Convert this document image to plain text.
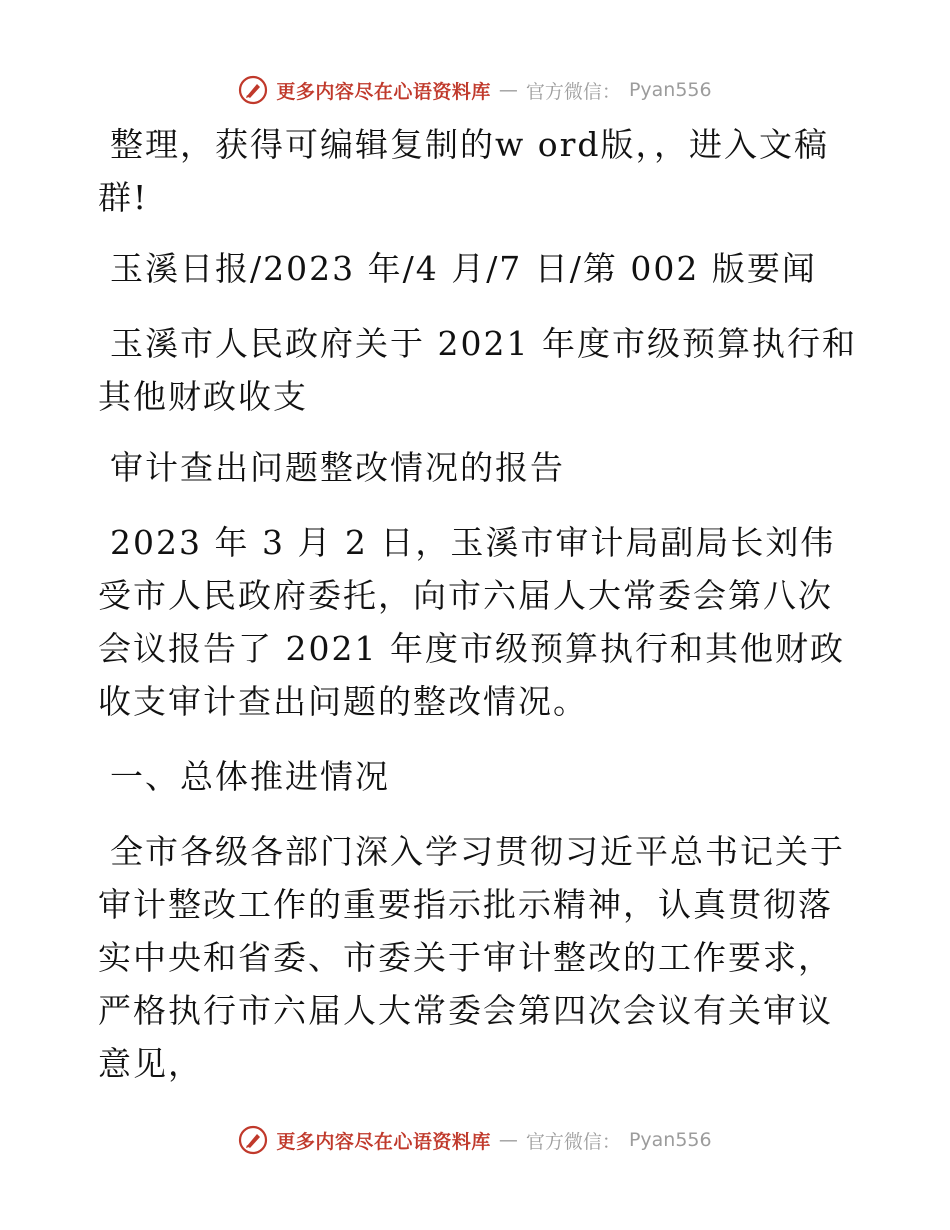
更多内容尽在心语资料库 — 官方微信： Pyan556

整理，获得可编辑复制的w ord版，，进入文稿群!

玉溪日报/2023 年/4 月/7 日/第 002 版要闻

玉溪市人民政府关于 2021 年度市级预算执行和其他财政收支

审计查出问题整改情况的报告

2023 年 3 月 2 日，玉溪市审计局副局长刘伟受市人民政府委托，向市六届人大常委会第八次会议报告了 2021 年度市级预算执行和其他财政收支审计查出问题的整改情况。

一、总体推进情况

全市各级各部门深入学习贯彻习近平总书记关于审计整改工作的重要指示批示精神，认真贯彻落实中央和省委、市委关于审计整改的工作要求，严格执行市六届人大常委会第四次会议有关审议意见，

更多内容尽在心语资料库 — 官方微信： Pyan556
